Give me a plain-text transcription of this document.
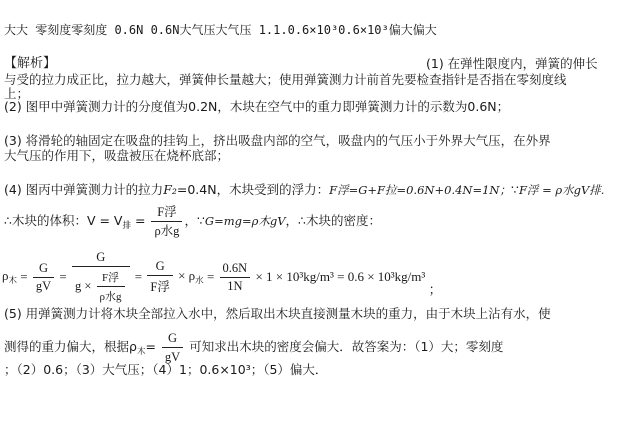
大大 零刻度零刻度 0.6N 0.6N大气压大气压 1.1.0.6×10³0.6×10³偏大偏大
【解析】	(1) 在弹性限度内，弹簧的伸长
与受的拉力成正比，拉力越大，弹簧伸长量越大；使用弹簧测力计前首先要检查指针是否指在零刻度线
上；
(2) 图甲中弹簧测力计的分度值为0.2N，木块在空气中的重力即弹簧测力计的示数为0.6N；
(3) 将滑轮的轴固定在吸盘的挂钩上，挤出吸盘内部的空气，吸盘内的气压小于外界大气压，在外界
大气压的作用下，吸盘被压在烧杯底部；
(4) 图丙中弹簧测力计的拉力F₂=0.4N，木块受到的浮力：F浮=G+F拉=0.6N+0.4N=1N；∵F浮 = ρ水gV排.
∴木块的体积：$V = V_排 = \frac{\text{F浮}}{\text{ρ水g}}$ ，∵G=mg=ρ木gV，∴木块的密度：
$\rho_木 = \frac{G}{gV} = \frac{G}{g \times \frac{\text{F浮}}{\text{ρ水g}}} = \frac{G}{\text{F浮}} \times \rho_水 = \frac{0.6N}{1N} \times 1 \times 10^3kg/m^3 = 0.6 \times 10^3kg/m^3$ ；
(5) 用弹簧测力计将木块全部拉入水中，然后取出木块直接测量木块的重力，由于木块上沾有水，使
测得的重力偏大，根据$\rho_木= \frac{G}{gV}$ 可知求出木块的密度会偏大．故答案为：（1）大；零刻度
；（2）0.6；（3）大气压；（4）1；0.6×10³；（5）偏大．
